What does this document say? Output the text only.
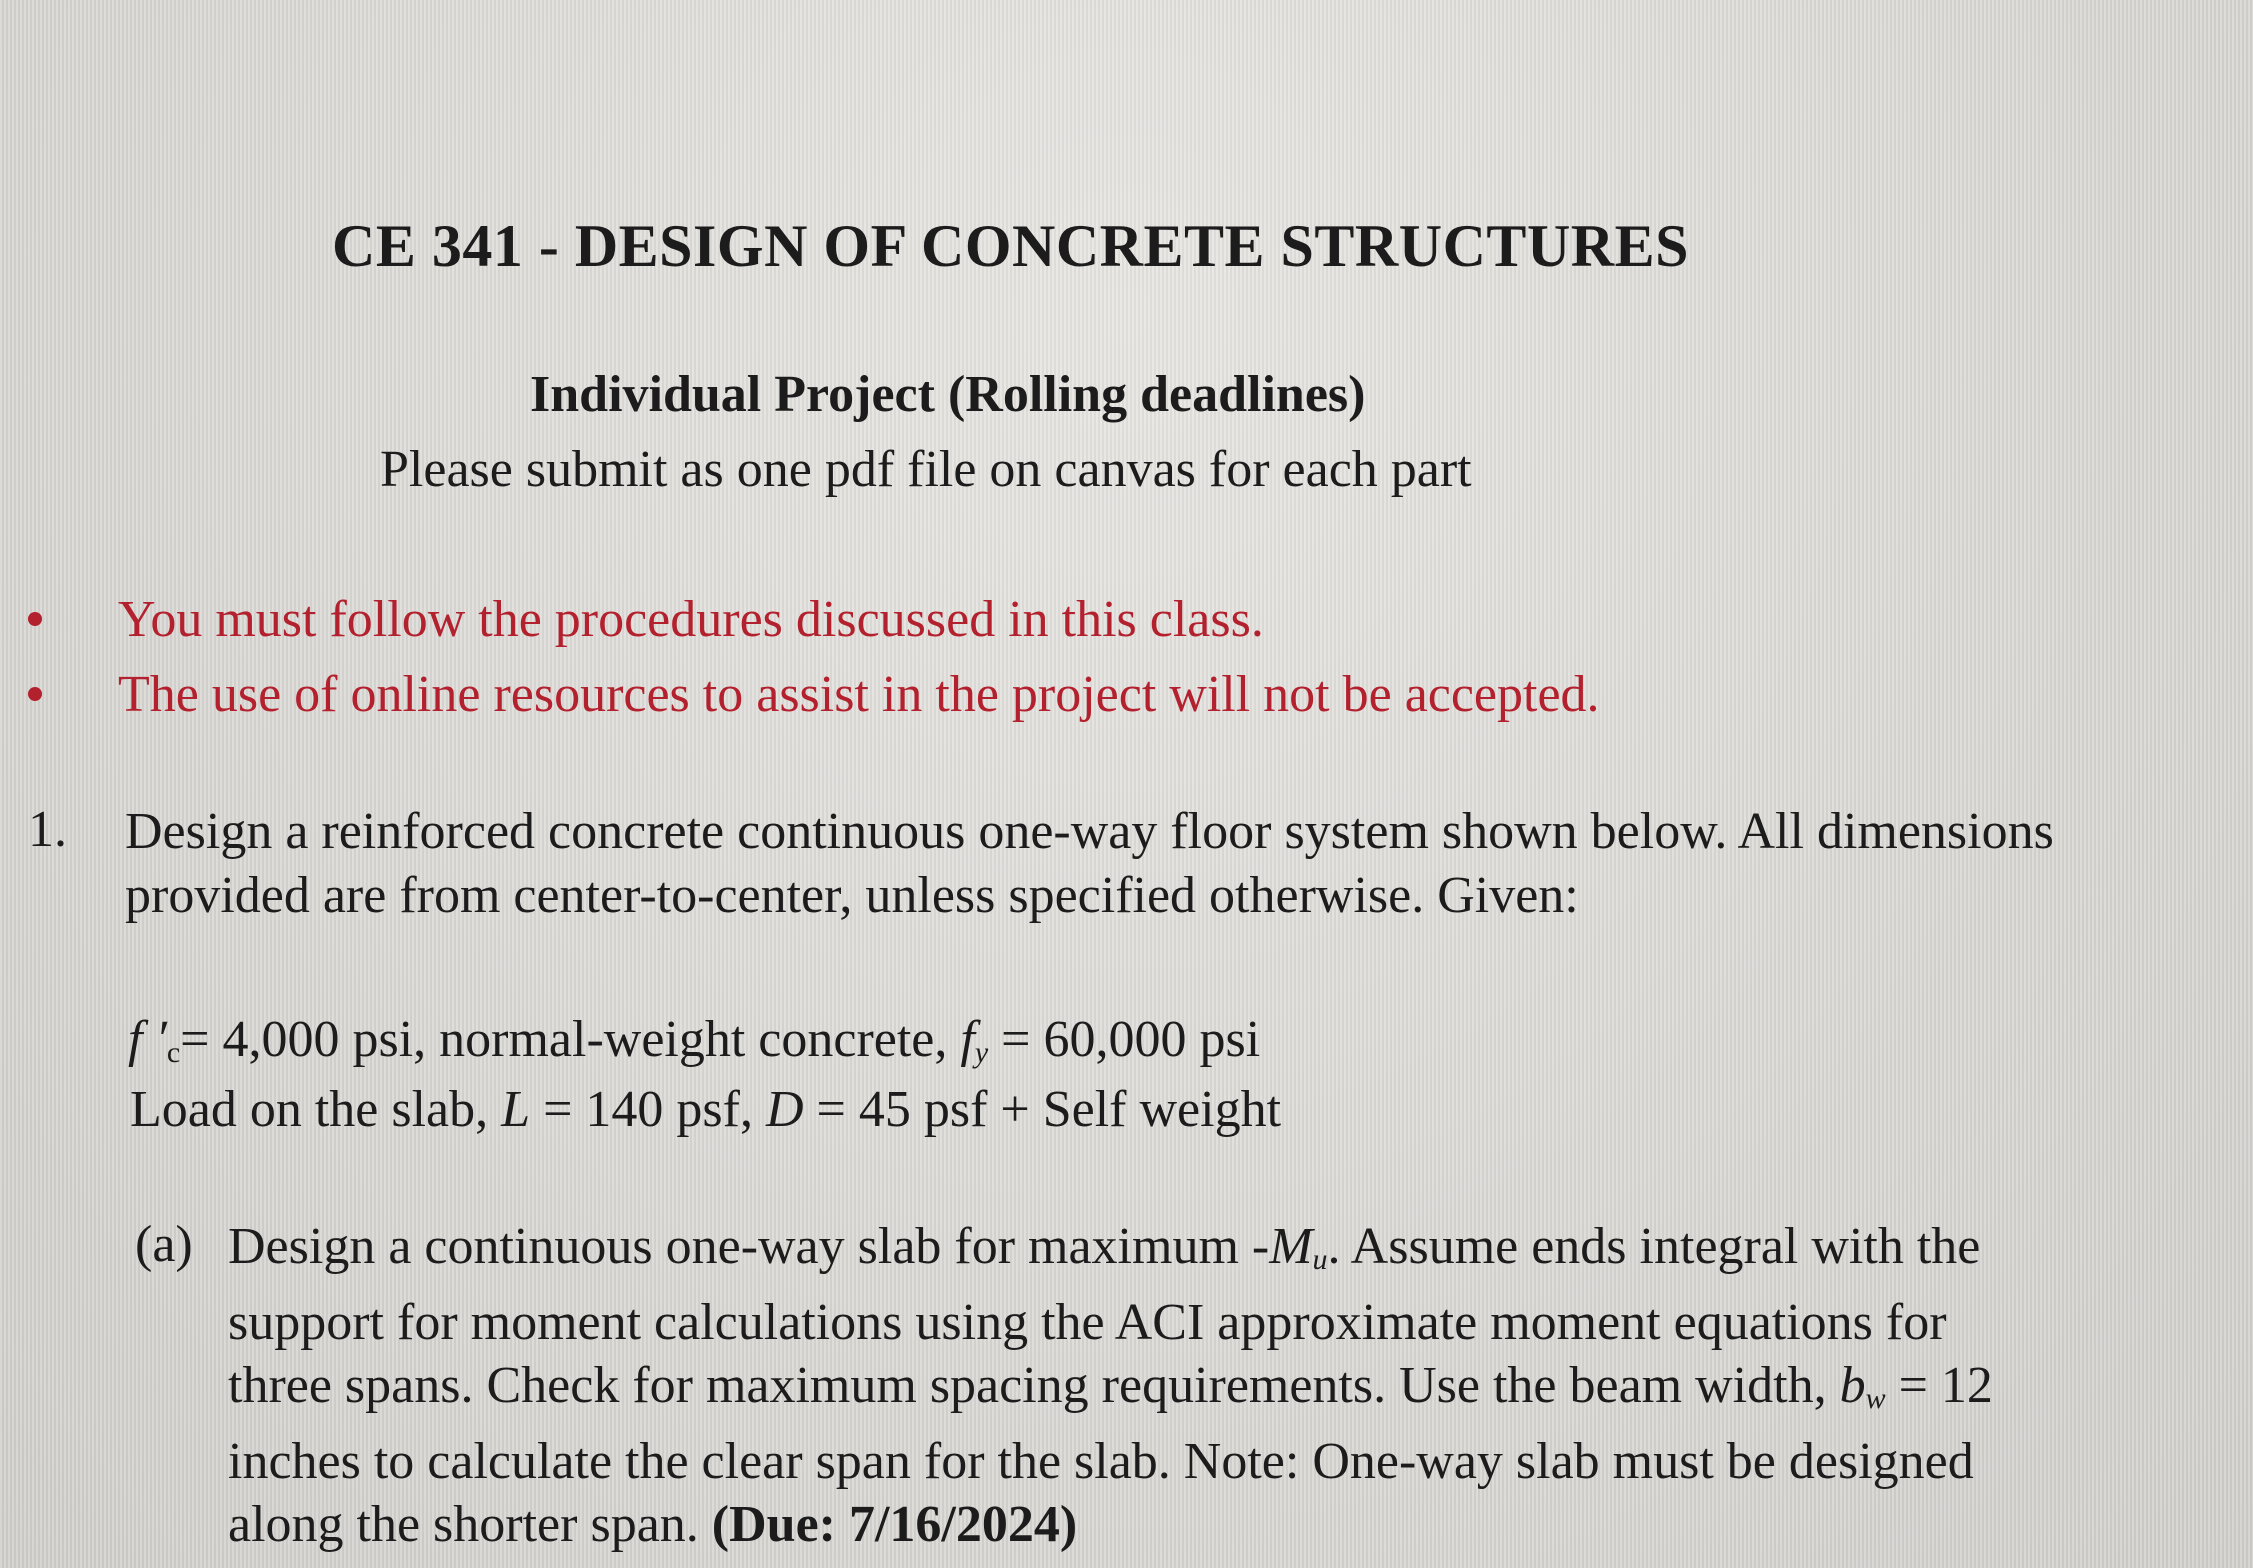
CE 341 - DESIGN OF CONCRETE STRUCTURES
Individual Project (Rolling deadlines)
Please submit as one pdf file on canvas for each part
You must follow the procedures discussed in this class.
The use of online resources to assist in the project will not be accepted.
1. Design a reinforced concrete continuous one-way floor system shown below. All dimensions provided are from center-to-center, unless specified otherwise. Given:
f $'_c= 4,000$ psi, normal-weight concrete, $f_y = 60,000$ psi
Load on the slab, L = 140 psf, D = 45 psf + Self weight
(a) Design a continuous one-way slab for maximum $-M_u$. Assume ends integral with the support for moment calculations using the ACI approximate moment equations for three spans. Check for maximum spacing requirements. Use the beam width, $b_w = 12$ inches to calculate the clear span for the slab. Note: One-way slab must be designed along the shorter span. (Due: 7/16/2024)
